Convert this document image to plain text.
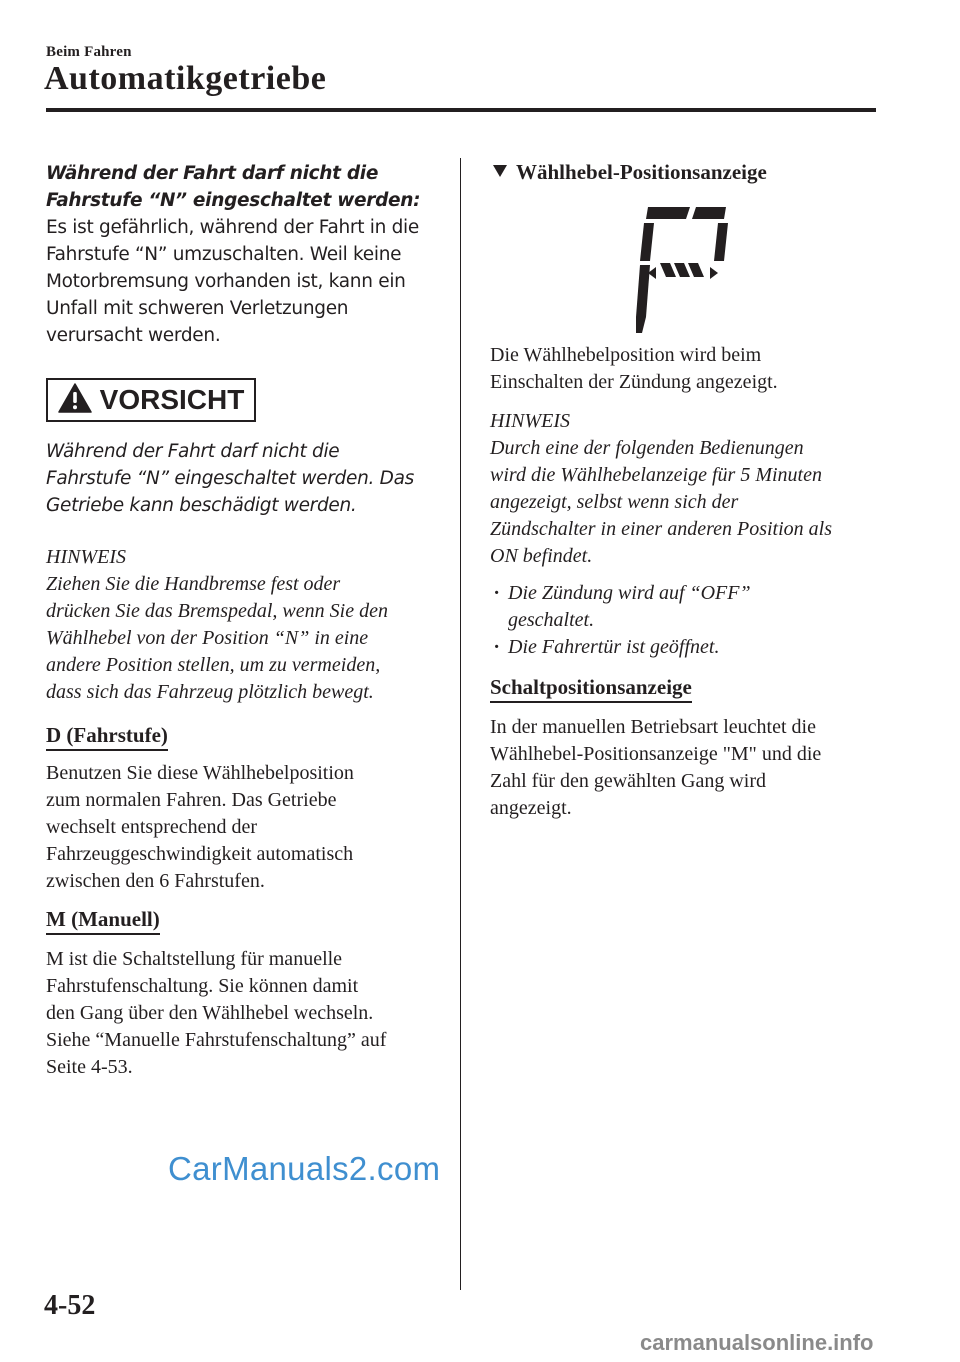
Beim Fahren
Automatikgetriebe
Während der Fahrt darf nicht die
Fahrstufe “N” eingeschaltet werden:
Es ist gefährlich, während der Fahrt in die
Fahrstufe “N” umzuschalten. Weil keine
Motorbremsung vorhanden ist, kann ein
Unfall mit schweren Verletzungen
verursacht werden.
VORSICHT
Während der Fahrt darf nicht die
Fahrstufe “N” eingeschaltet werden. Das
Getriebe kann beschädigt werden.
HINWEIS
Ziehen Sie die Handbremse fest oder
drücken Sie das Bremspedal, wenn Sie den
Wählhebel von der Position “N” in eine
andere Position stellen, um zu vermeiden,
dass sich das Fahrzeug plötzlich bewegt.
D (Fahrstufe)
Benutzen Sie diese Wählhebelposition
zum normalen Fahren. Das Getriebe
wechselt entsprechend der
Fahrzeuggeschwindigkeit automatisch
zwischen den 6 Fahrstufen.
M (Manuell)
M ist die Schaltstellung für manuelle
Fahrstufenschaltung. Sie können damit
den Gang über den Wählhebel wechseln.
Siehe “Manuelle Fahrstufenschaltung” auf
Seite 4-53.
Wählhebel-Positionsanzeige
Die Wählhebelposition wird beim
Einschalten der Zündung angezeigt.
HINWEIS
Durch eine der folgenden Bedienungen
wird die Wählhebelanzeige für 5 Minuten
angezeigt, selbst wenn sich der
Zündschalter in einer anderen Position als
ON befindet.
· Die Zündung wird auf “OFF”
geschaltet.
· Die Fahrertür ist geöffnet.
Schaltpositionsanzeige
In der manuellen Betriebsart leuchtet die
Wählhebel-Positionsanzeige "M" und die
Zahl für den gewählten Gang wird
angezeigt.
CarManuals2.com
4-52
carmanualsonline.info
